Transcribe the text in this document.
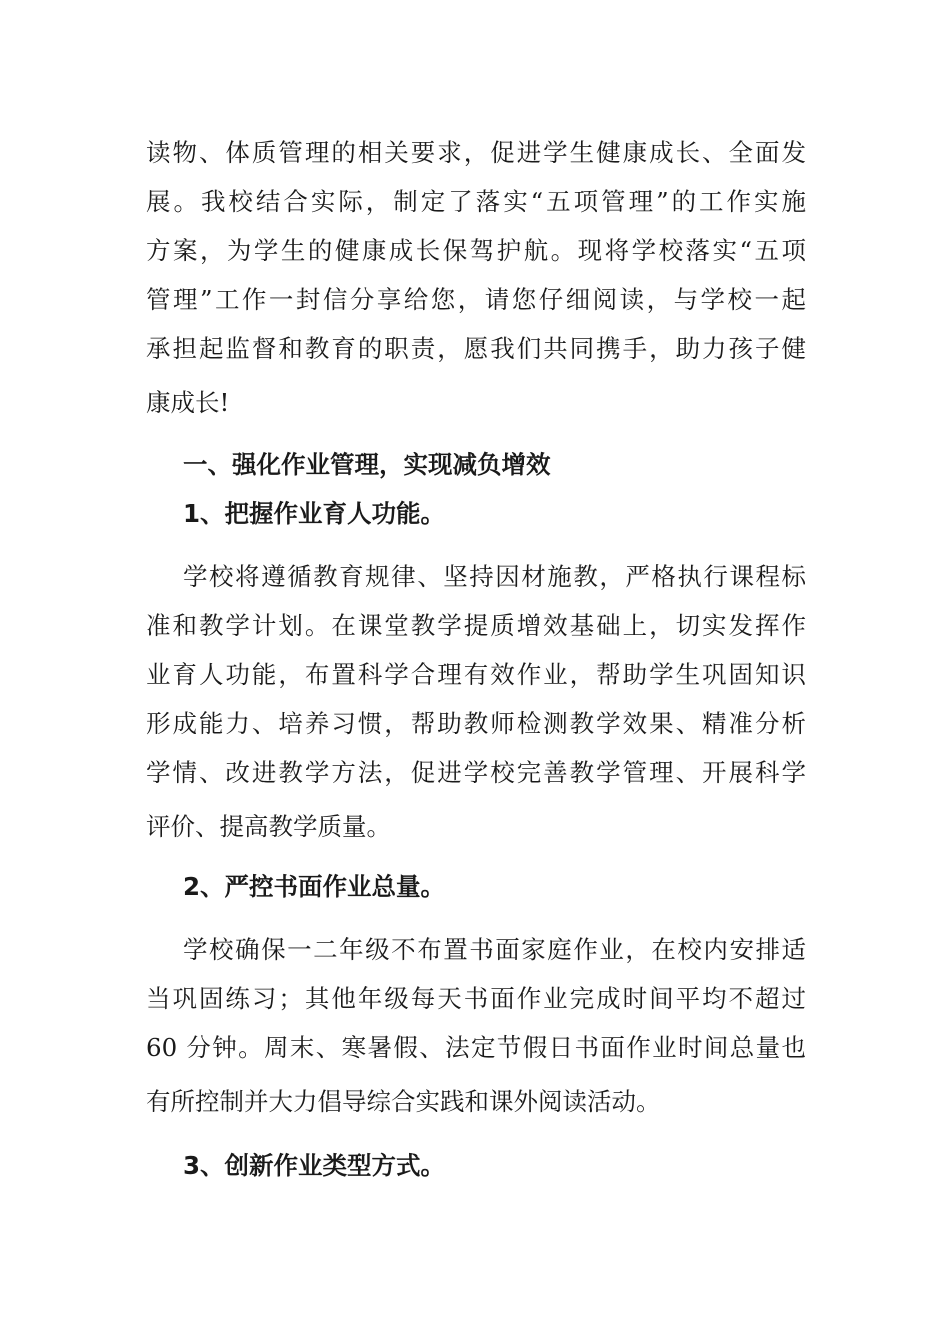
读物、体质管理的相关要求，促进学生健康成长、全面发
展。我校结合实际，制定了落实“五项管理”的工作实施
方案，为学生的健康成长保驾护航。现将学校落实“五项
管理”工作一封信分享给您，请您仔细阅读，与学校一起
承担起监督和教育的职责，愿我们共同携手，助力孩子健
康成长!
一、强化作业管理，实现减负增效
1、把握作业育人功能。
学校将遵循教育规律、坚持因材施教，严格执行课程标
准和教学计划。在课堂教学提质增效基础上，切实发挥作
业育人功能，布置科学合理有效作业，帮助学生巩固知识
形成能力、培养习惯，帮助教师检测教学效果、精准分析
学情、改进教学方法，促进学校完善教学管理、开展科学
评价、提高教学质量。
2、严控书面作业总量。
学校确保一二年级不布置书面家庭作业，在校内安排适
当巩固练习；其他年级每天书面作业完成时间平均不超过
60 分钟。周末、寒暑假、法定节假日书面作业时间总量也
有所控制并大力倡导综合实践和课外阅读活动。
3、创新作业类型方式。
